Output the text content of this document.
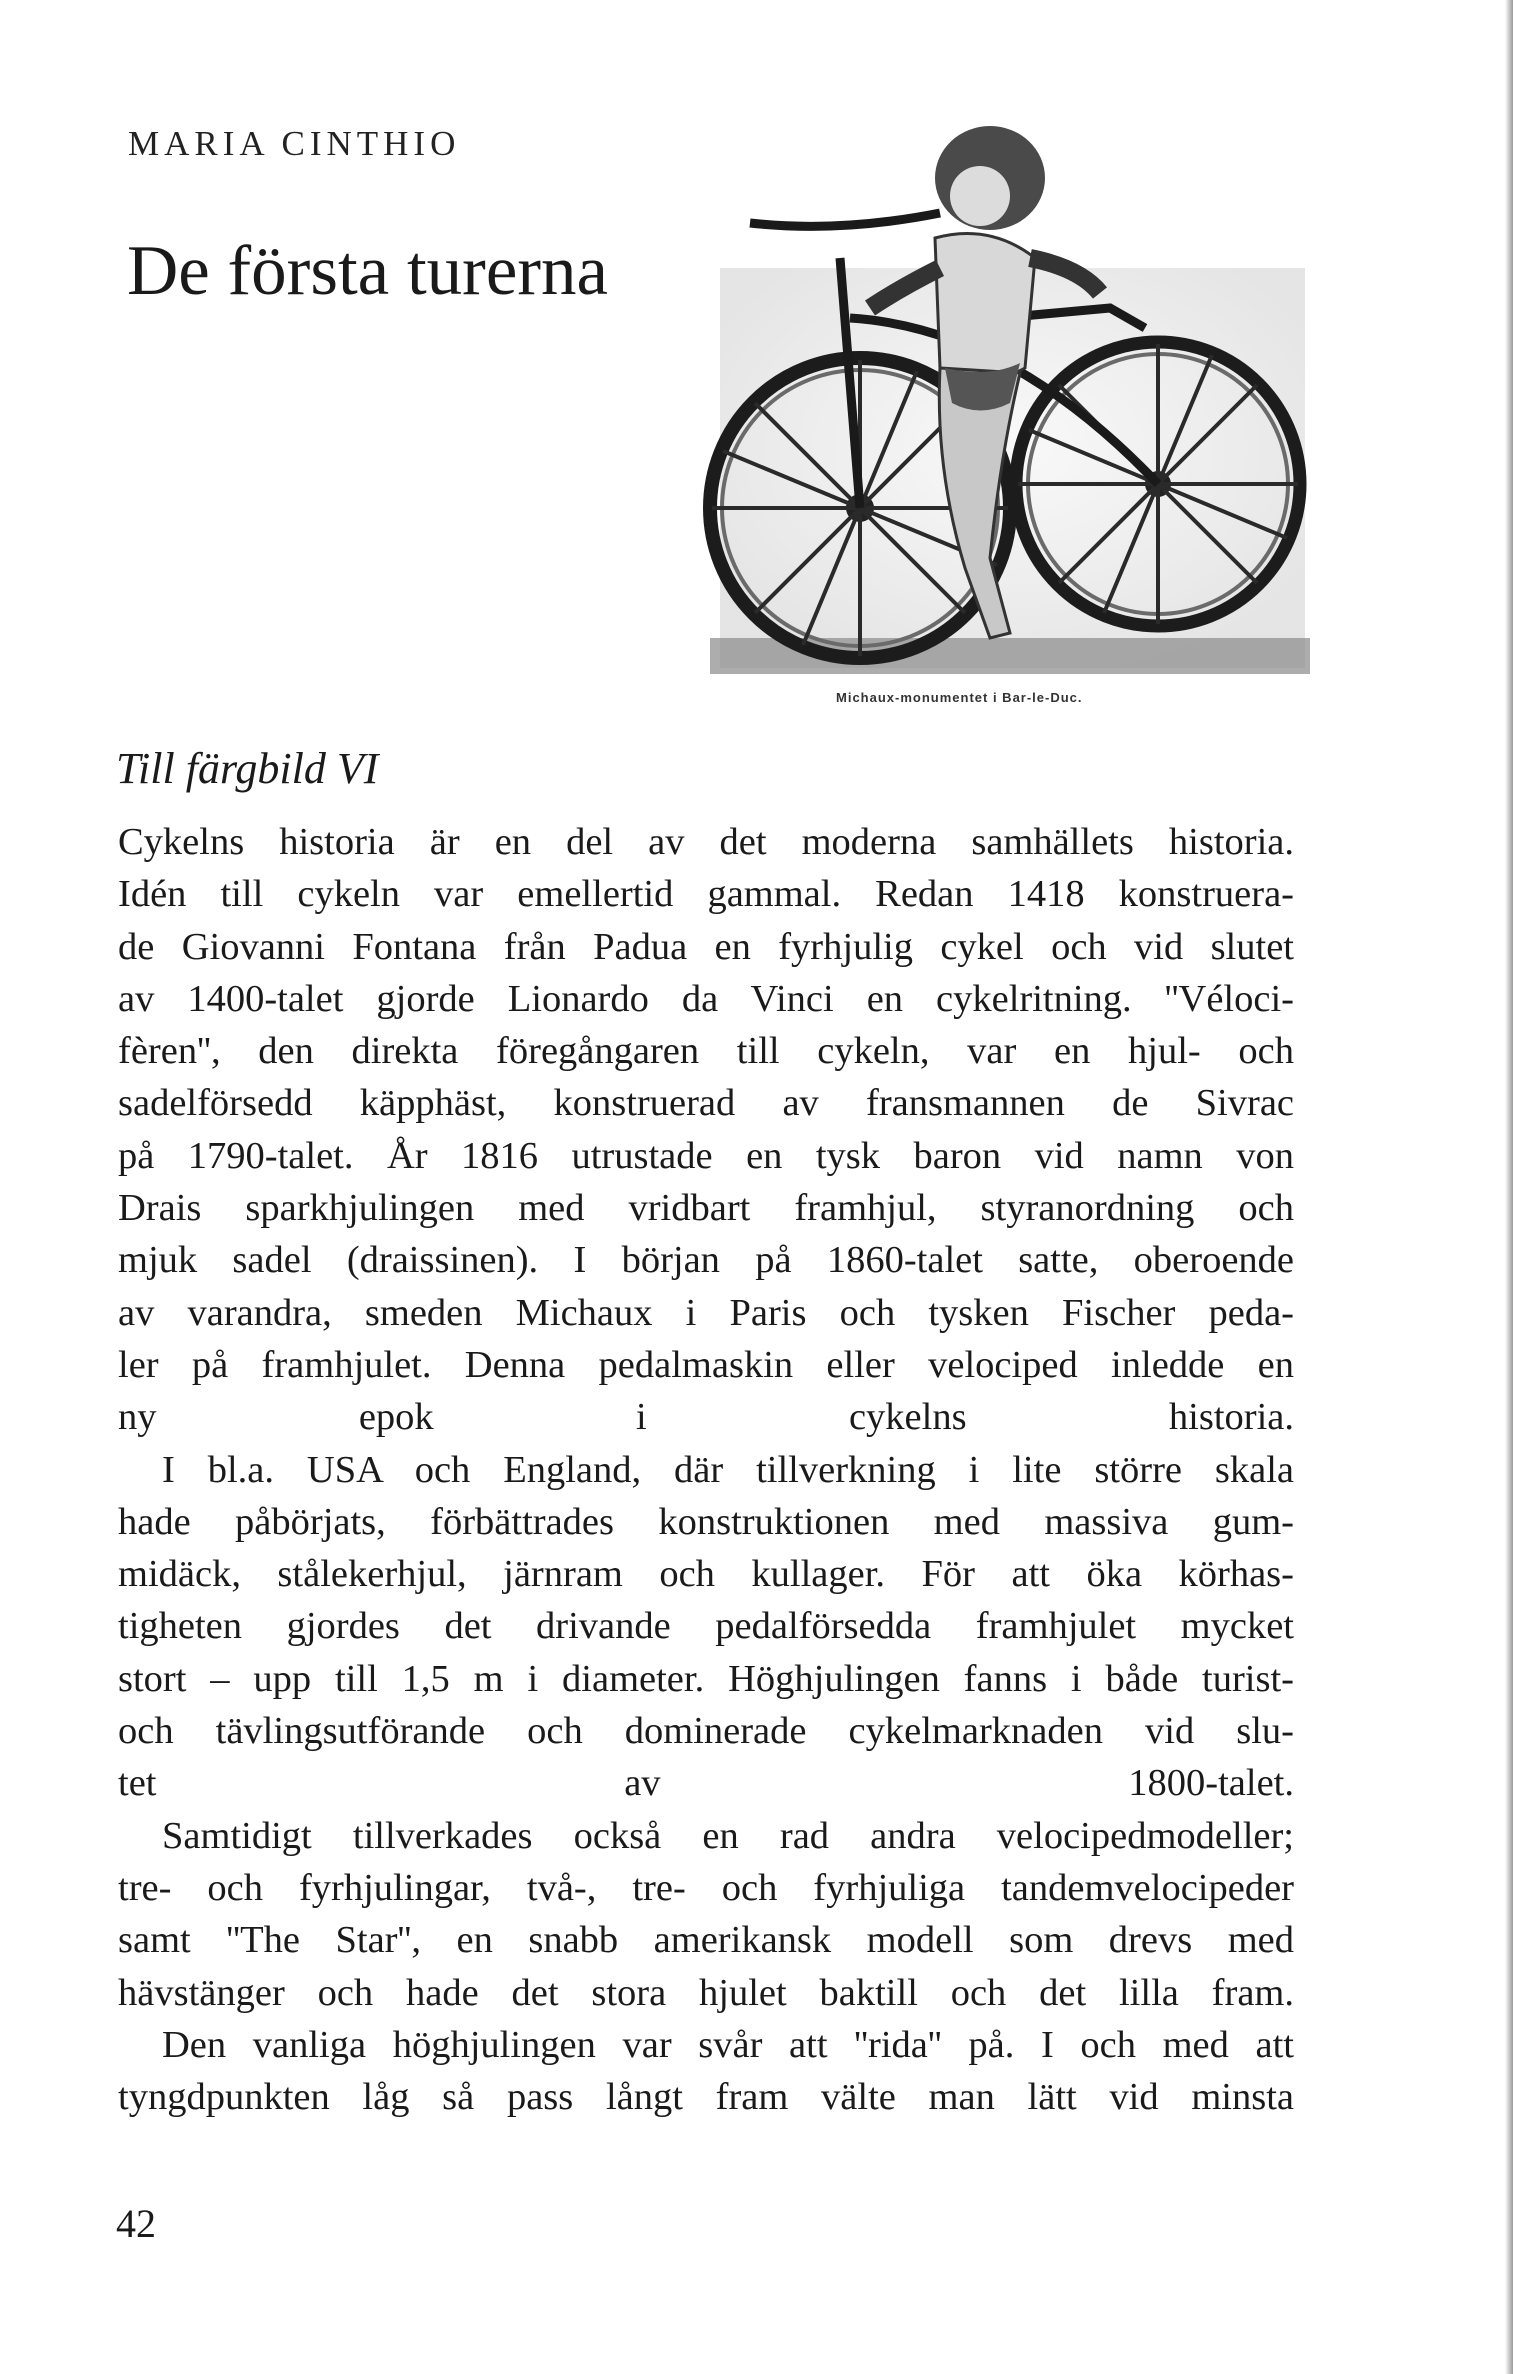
MARIA CINTHIO
De första turerna
Michaux-monumentet i Bar-le-Duc.
Till färgbild VI

Cykelns historia är en del av det moderna samhällets historia.
Idén till cykeln var emellertid gammal. Redan 1418 konstruera-
de Giovanni Fontana från Padua en fyrhjulig cykel och vid slutet
av 1400-talet gjorde Lionardo da Vinci en cykelritning. ''Véloci-
fèren'', den direkta föregångaren till cykeln, var en hjul- och
sadelförsedd käpphäst, konstruerad av fransmannen de Sivrac
på 1790-talet. År 1816 utrustade en tysk baron vid namn von
Drais sparkhjulingen med vridbart framhjul, styranordning och
mjuk sadel (draissinen). I början på 1860-talet satte, oberoende
av varandra, smeden Michaux i Paris och tysken Fischer peda-
ler på framhjulet. Denna pedalmaskin eller velociped inledde en
ny epok i cykelns historia.

I bl.a. USA och England, där tillverkning i lite större skala
hade påbörjats, förbättrades konstruktionen med massiva gum-
midäck, stålekerhjul, järnram och kullager. För att öka körhas-
tigheten gjordes det drivande pedalförsedda framhjulet mycket
stort – upp till 1,5 m i diameter. Höghjulingen fanns i både turist-
och tävlingsutförande och dominerade cykelmarknaden vid slu-
tet av 1800-talet.

Samtidigt tillverkades också en rad andra velocipedmodeller;
tre- och fyrhjulingar, två-, tre- och fyrhjuliga tandemvelocipeder
samt ''The Star'', en snabb amerikansk modell som drevs med
hävstänger och hade det stora hjulet baktill och det lilla fram.

Den vanliga höghjulingen var svår att ''rida'' på. I och med att
tyngdpunkten låg så pass långt fram välte man lätt vid minsta

42
